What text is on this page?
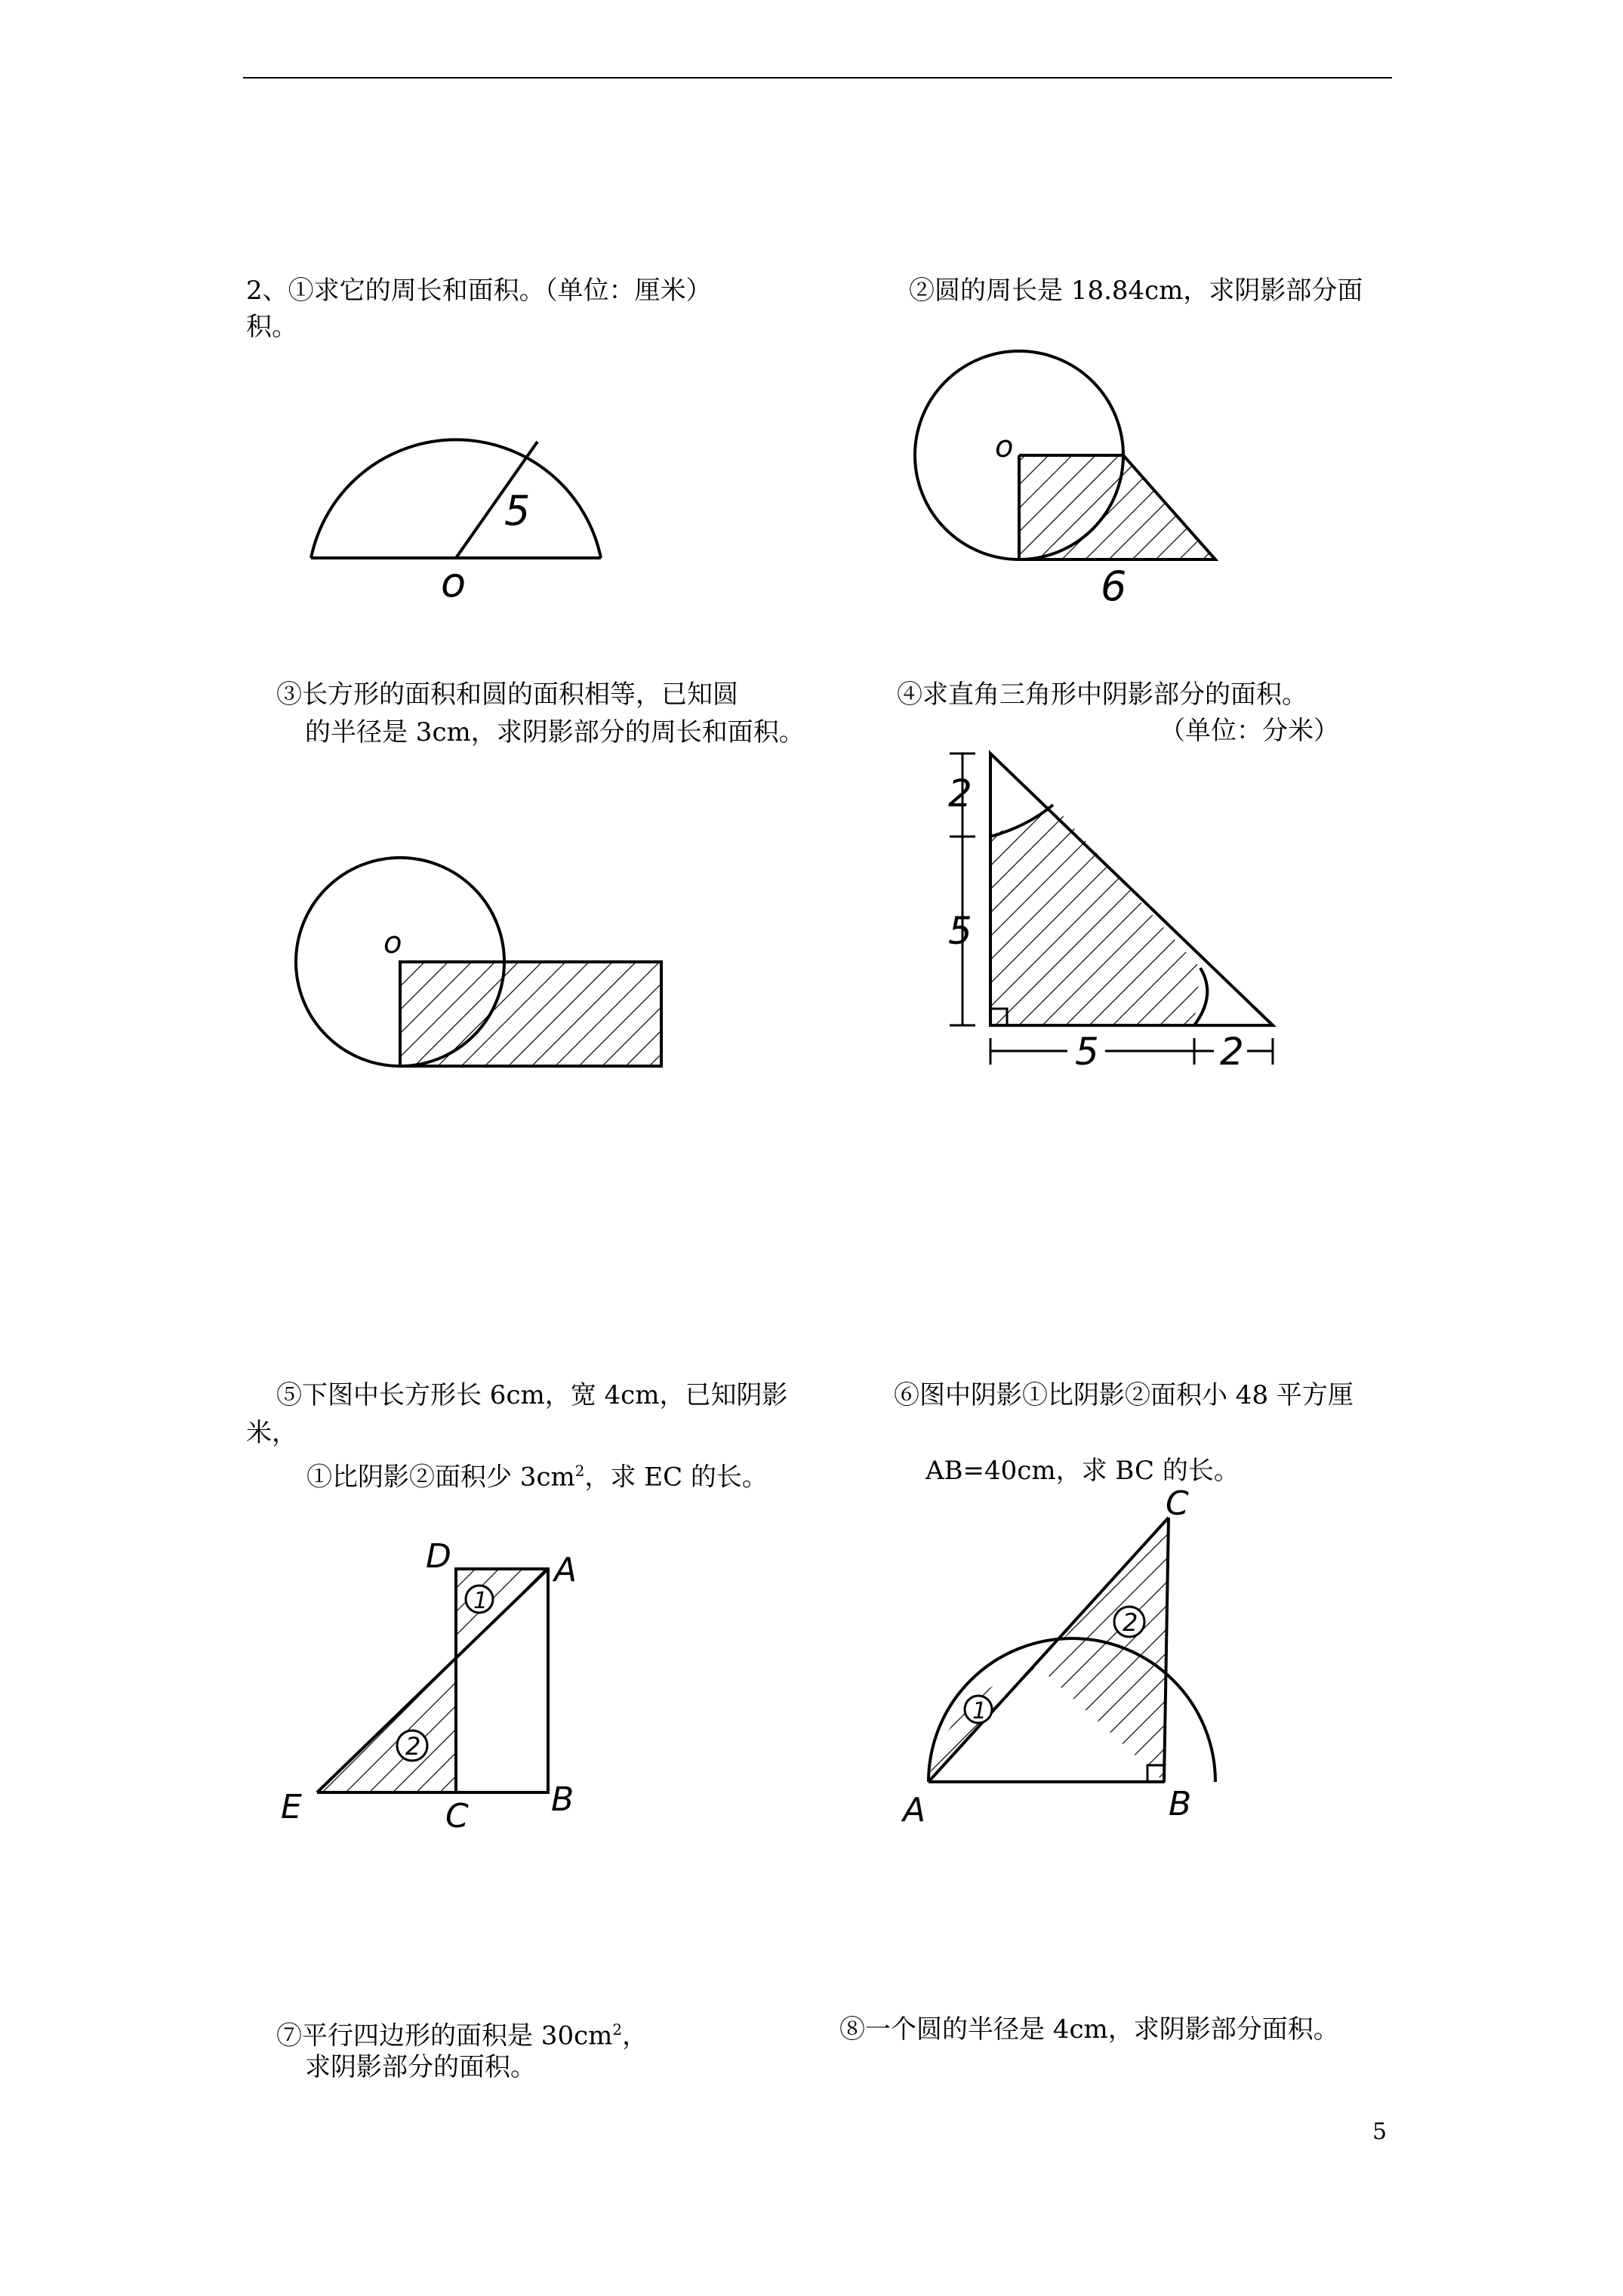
2、①求它的周长和面积。（单位：厘米）
积。
②圆的周长是 18.84cm，求阴影部分面
5
o
o
6
③长方形的面积和圆的面积相等，已知圆
的半径是 3cm，求阴影部分的周长和面积。
④求直角三角形中阴影部分的面积。
（单位：分米）
o
2
5
5	2
⑤下图中长方形长 6cm，宽 4cm，已知阴影
米，
①比阴影②面积少 $3cm^2$，求 EC 的长。
⑥图中阴影①比阴影②面积小 48 平方厘
AB=40cm，求 BC 的长。
1
2
D	A
E	C B
1
2
A	B
C
⑦平行四边形的面积是 $30cm^2$，
求阴影部分的面积。
⑧一个圆的半径是 4cm，求阴影部分面积。
5
